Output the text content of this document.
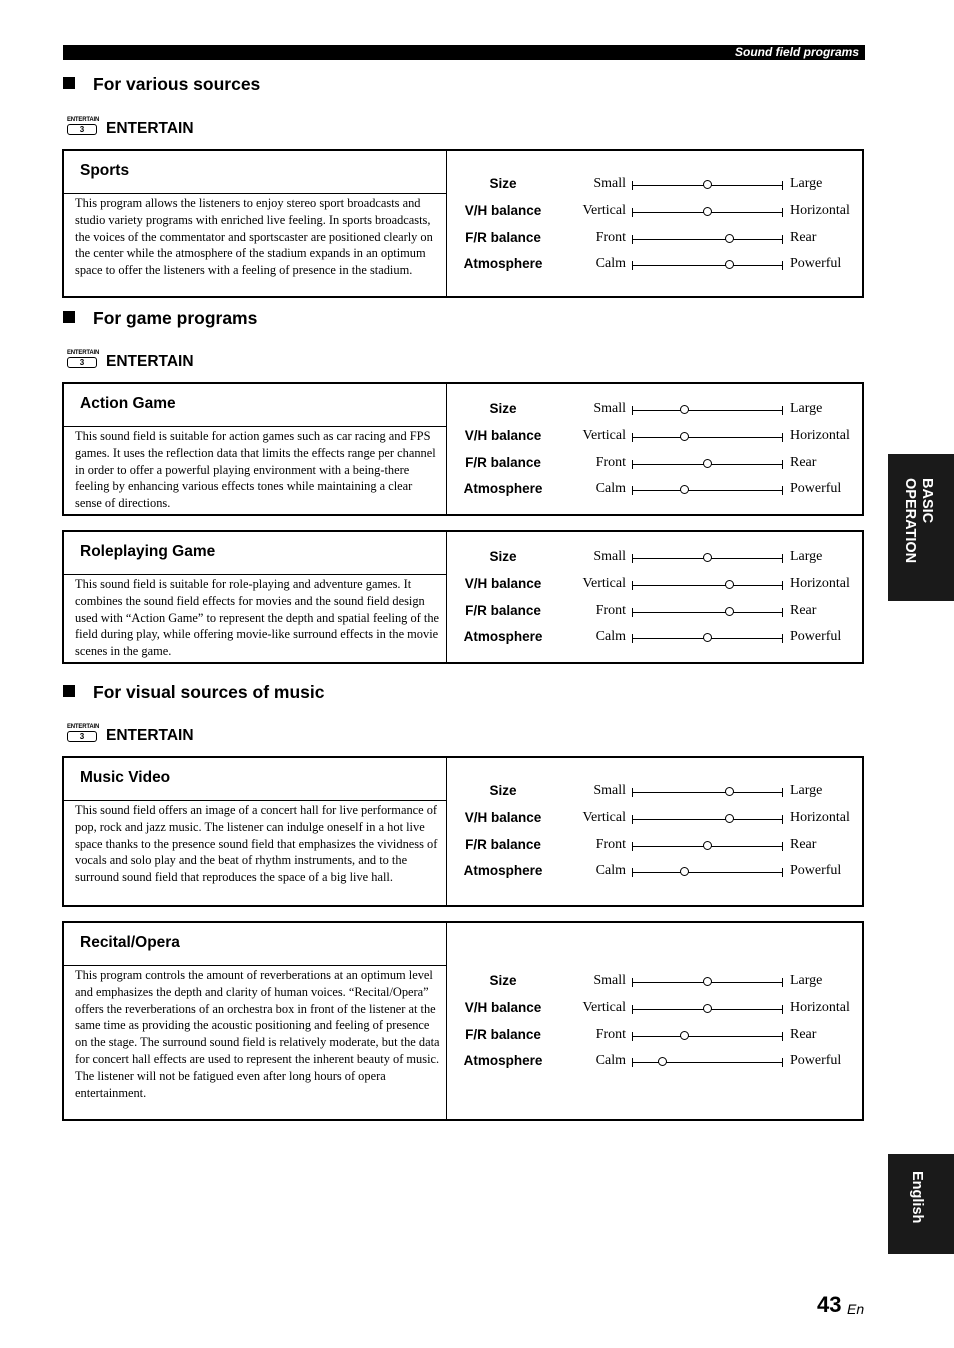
Sound field programs
For various sources
ENTERTAIN
3	ENTERTAIN
Sports
This program allows the listeners to enjoy stereo sport broadcasts and studio variety programs with enriched live feeling. In sports broadcasts, the voices of the commentator and sportscaster are positioned clearly on the center while the atmosphere of the stadium expands in an optimum space to offer the listeners with a feeling of presence in the stadium.
Size	Small	Large
V/H balance	Vertical	Horizontal
F/R balance	Front	Rear
Atmosphere	Calm	Powerful
For game programs
ENTERTAIN
3	ENTERTAIN
Action Game
This sound field is suitable for action games such as car racing and FPS games. It uses the reflection data that limits the effects range per channel in order to offer a powerful playing environment with a being-there feeling by enhancing various effects tones while maintaining a clear sense of directions.
Size	Small	Large
V/H balance	Vertical	Horizontal
F/R balance	Front	Rear
Atmosphere	Calm	Powerful
Roleplaying Game
This sound field is suitable for role-playing and adventure games. It combines the sound field effects for movies and the sound field design used with “Action Game” to represent the depth and spatial feeling of the field during play, while offering movie-like surround effects in the movie scenes in the game.
Size	Small	Large
V/H balance	Vertical	Horizontal
F/R balance	Front	Rear
Atmosphere	Calm	Powerful
For visual sources of music
ENTERTAIN
3	ENTERTAIN
Music Video
This sound field offers an image of a concert hall for live performance of pop, rock and jazz music. The listener can indulge oneself in a hot live space thanks to the presence sound field that emphasizes the vividness of vocals and solo play and the beat of rhythm instruments, and to the surround sound field that reproduces the space of a big live hall.
Size	Small	Large
V/H balance	Vertical	Horizontal
F/R balance	Front	Rear
Atmosphere	Calm	Powerful
Recital/Opera
This program controls the amount of reverberations at an optimum level and emphasizes the depth and clarity of human voices. “Recital/Opera” offers the reverberations of an orchestra box in front of the listener at the same time as providing the acoustic positioning and feeling of presence on the stage. The surround sound field is relatively moderate, but the data for concert hall effects are used to represent the inherent beauty of music. The listener will not be fatigued even after long hours of opera entertainment.
Size	Small	Large
V/H balance	Vertical	Horizontal
F/R balance	Front	Rear
Atmosphere	Calm	Powerful
BASIC
OPERATION
English
43 En
